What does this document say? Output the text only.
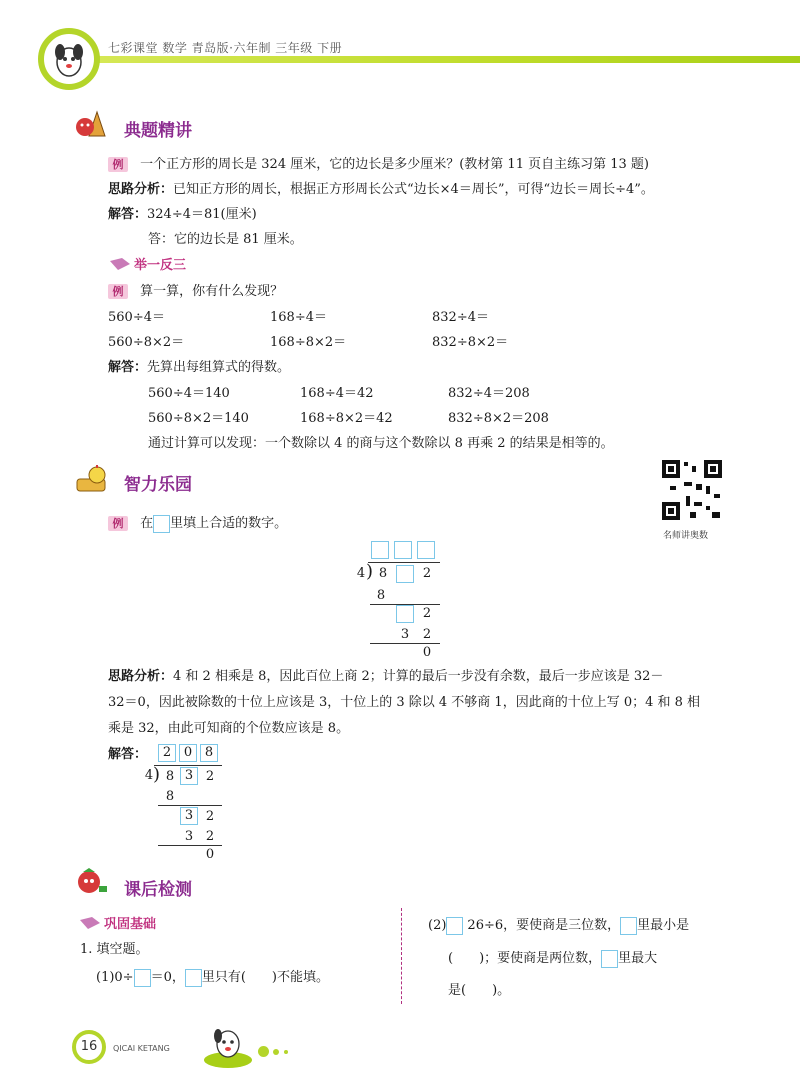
七彩课堂 数学 青岛版·六年制 三年级 下册
典题精讲
例 一个正方形的周长是 324 厘米，它的边长是多少厘米？(教材第 11 页自主练习第 13 题)
思路分析：已知正方形的周长，根据正方形周长公式“边长×4＝周长”，可得“边长＝周长÷4”。
解答：324÷4＝81(厘米)
答：它的边长是 81 厘米。
举一反三
例 算一算，你有什么发现？
560÷4＝	168÷4＝	832÷4＝
560÷8×2＝	168÷8×2＝	832÷8×2＝
解答：先算出每组算式的得数。
560÷4＝140	168÷4＝42	832÷4＝208
560÷8×2＝140	168÷8×2＝42	832÷8×2＝208
通过计算可以发现：一个数除以 4 的商与这个数除以 8 再乘 2 的结果是相等的。
智力乐园
名师讲奥数
例 在 里填上合适的数字。
4 ) 8	2
8
2
3 2
0
思路分析：4 和 2 相乘是 8，因此百位上商 2；计算的最后一步没有余数，最后一步应该是 32－
32＝0，因此被除数的十位上应该是 3，十位上的 3 除以 4 不够商 1，因此商的十位上写 0；4 和 8 相
乘是 32，由此可知商的个位数应该是 8。
解答：	2 0 8
4 ) 8 3 2
8
3 2
3 2
0
课后检测
巩固基础
1. 填空题。
(1)0÷ ＝0， 里只有(　　)不能填。
(2) 26÷6，要使商是三位数， 里最小是
(　　)；要使商是两位数， 里最大
是(　　)。
16	QICAI KETANG
